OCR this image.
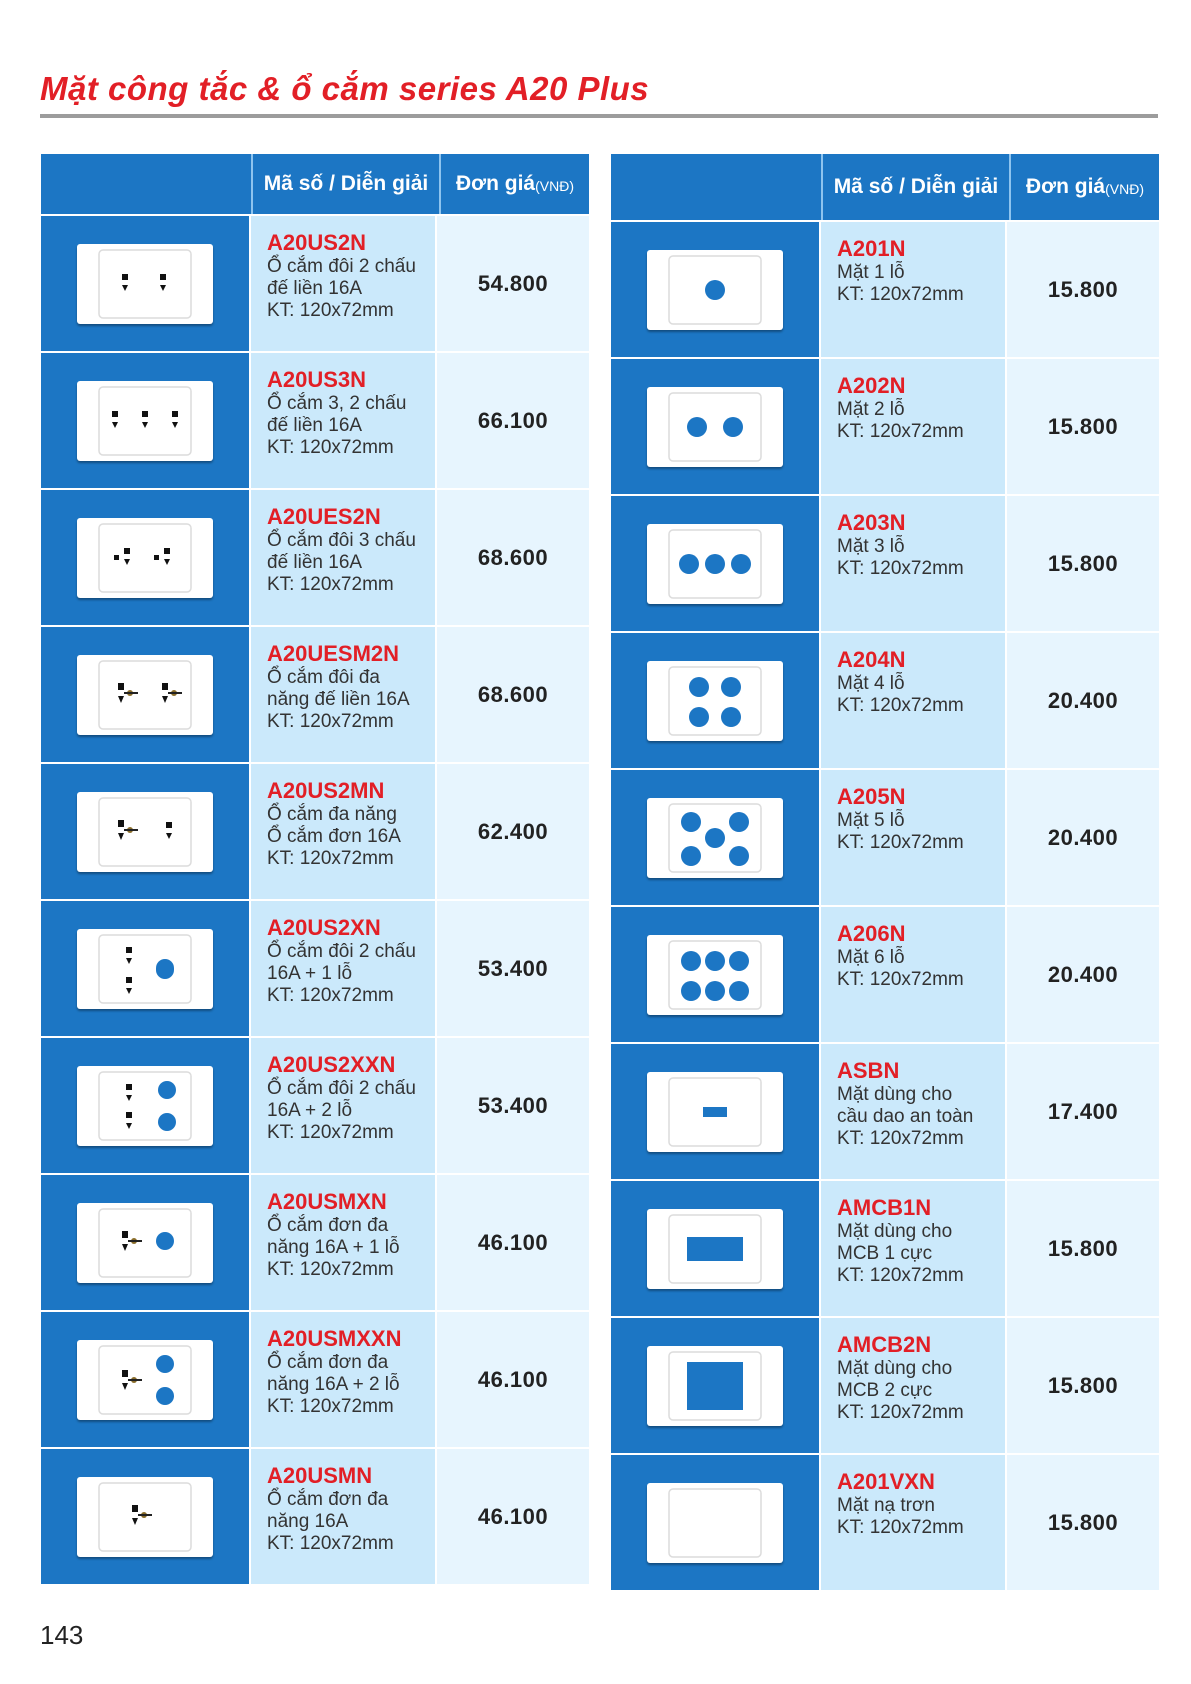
Mặt công tắc & ổ cắm series A20 Plus
Mã số / Diễn giải	Đơn giá (VNĐ)
A20US2N
Ổ cắm đôi 2 chấu
đế liền 16A
KT: 120x72mm
54.800
A20US3N
Ổ cắm 3, 2 chấu
đế liền 16A
KT: 120x72mm
66.100
A20UES2N
Ổ cắm đôi 3 chấu
đế liền 16A
KT: 120x72mm
68.600
A20UESM2N
Ổ cắm đôi đa
năng đế liền 16A
KT: 120x72mm
68.600
A20US2MN
Ổ cắm đa năng
Ổ cắm đơn 16A
KT: 120x72mm
62.400
A20US2XN
Ổ cắm đôi 2 chấu
16A + 1 lỗ
KT: 120x72mm
53.400
A20US2XXN
Ổ cắm đôi 2 chấu
16A + 2 lỗ
KT: 120x72mm
53.400
A20USMXN
Ổ cắm đơn đa
năng 16A + 1 lỗ
KT: 120x72mm
46.100
A20USMXXN
Ổ cắm đơn đa
năng 16A + 2 lỗ
KT: 120x72mm
46.100
A20USMN
Ổ cắm đơn đa
năng 16A
KT: 120x72mm
46.100
Mã số / Diễn giải	Đơn giá (VNĐ)
A201N
Mặt 1 lỗ
KT: 120x72mm	15.800
A202N
Mặt 2 lỗ
KT: 120x72mm	15.800
A203N
Mặt 3 lỗ
KT: 120x72mm	15.800
A204N
Mặt 4 lỗ
KT: 120x72mm	20.400
A205N
Mặt 5 lỗ
KT: 120x72mm	20.400
A206N
Mặt 6 lỗ
KT: 120x72mm	20.400
ASBN
Mặt dùng cho
cầu dao an toàn
KT: 120x72mm
17.400
AMCB1N
Mặt dùng cho
MCB 1 cực
KT: 120x72mm
15.800
AMCB2N
Mặt dùng cho
MCB 2 cực
KT: 120x72mm
15.800
A201VXN
Mặt nạ trơn
KT: 120x72mm	15.800
143
